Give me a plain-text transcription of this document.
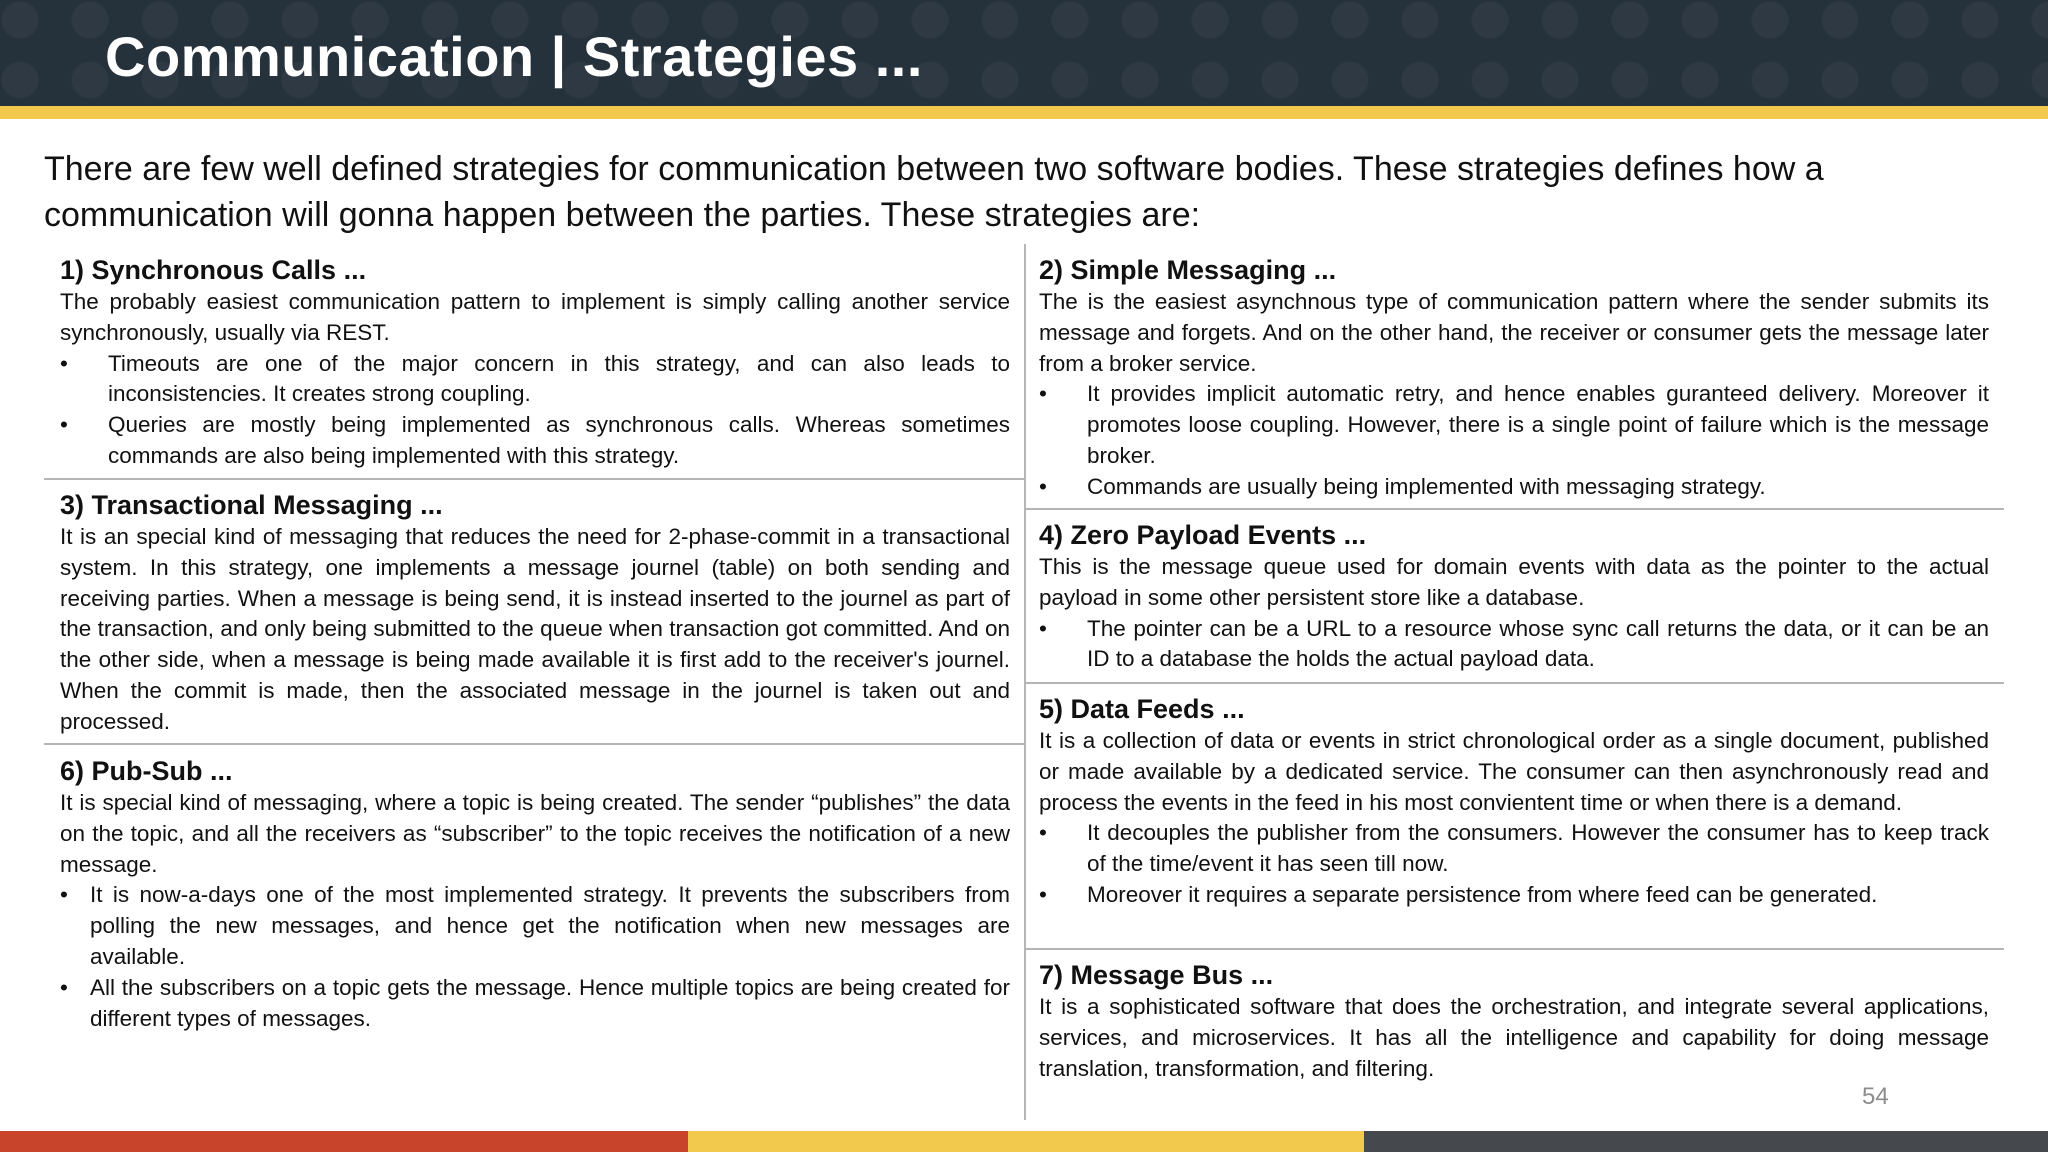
Communication | Strategies ...

There are few well defined strategies for communication between two software bodies. These strategies defines how a communication will gonna happen between the parties. These strategies are:

1) Synchronous Calls ...

The probably easiest communication pattern to implement is simply calling another service synchronously, usually via REST.

• Timeouts are one of the major concern in this strategy, and can also leads to inconsistencies. It creates strong coupling.
• Queries are mostly being implemented as synchronous calls. Whereas sometimes commands are also being implemented with this strategy.
3) Transactional Messaging ...

It is an special kind of messaging that reduces the need for 2-phase-commit in a transactional system. In this strategy, one implements a message journel (table) on both sending and receiving parties. When a message is being send, it is instead inserted to the journel as part of the transaction, and only being submitted to the queue when transaction got committed. And on the other side, when a message is being made available it is first add to the receiver's journel. When the commit is made, then the associated message in the journel is taken out and processed.

6) Pub-Sub ...

It is special kind of messaging, where a topic is being created. The sender “publishes” the data on the topic, and all the receivers as “subscriber” to the topic receives the notification of a new message.

• It is now-a-days one of the most implemented strategy. It prevents the subscribers from polling the new messages, and hence get the notification when new messages are available.
• All the subscribers on a topic gets the message. Hence multiple topics are being created for different types of messages.
2) Simple Messaging ...

The is the easiest asynchnous type of communication pattern where the sender submits its message and forgets. And on the other hand, the receiver or consumer gets the message later from a broker service.

• It provides implicit automatic retry, and hence enables guranteed delivery. Moreover it promotes loose coupling. However, there is a single point of failure which is the message broker.
• Commands are usually being implemented with messaging strategy.
4) Zero Payload Events ...

This is the message queue used for domain events with data as the pointer to the actual payload in some other persistent store like a database.

• The pointer can be a URL to a resource whose sync call returns the data, or it can be an ID to a database the holds the actual payload data.
5) Data Feeds ...

It is a collection of data or events in strict chronological order as a single document, published or made available by a dedicated service. The consumer can then asynchronously read and process the events in the feed in his most convientent time or when there is a demand.

• It decouples the publisher from the consumers. However the consumer has to keep track of the time/event it has seen till now.
• Moreover it requires a separate persistence from where feed can be generated.
7) Message Bus ...

It is a sophisticated software that does the orchestration, and integrate several applications, services, and microservices. It has all the intelligence and capability for doing message translation, transformation, and filtering.

54
